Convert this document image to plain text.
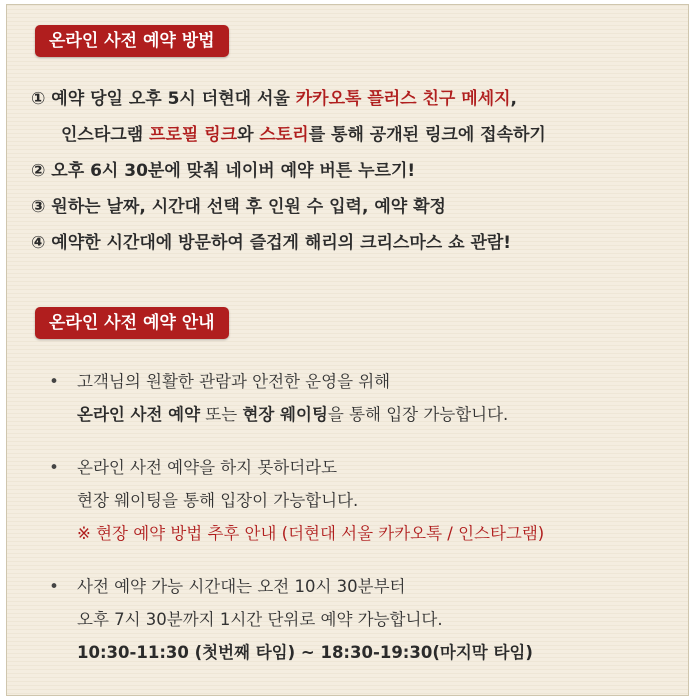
온라인 사전 예약 방법
① 예약 당일 오후 5시 더현대 서울 카카오톡 플러스 친구 메세지,
인스타그램 프로필 링크와 스토리를 통해 공개된 링크에 접속하기
② 오후 6시 30분에 맞춰 네이버 예약 버튼 누르기!
③ 원하는 날짜, 시간대 선택 후 인원 수 입력, 예약 확정
④ 예약한 시간대에 방문하여 즐겁게 해리의 크리스마스 쇼 관람!
온라인 사전 예약 안내
• 고객님의 원활한 관람과 안전한 운영을 위해
온라인 사전 예약 또는 현장 웨이팅을 통해 입장 가능합니다.
• 온라인 사전 예약을 하지 못하더라도
현장 웨이팅을 통해 입장이 가능합니다.
※ 현장 예약 방법 추후 안내 (더현대 서울 카카오톡 / 인스타그램)
• 사전 예약 가능 시간대는 오전 10시 30분부터
오후 7시 30분까지 1시간 단위로 예약 가능합니다.
10:30-11:30 (첫번째 타임) ~ 18:30-19:30(마지막 타임)
